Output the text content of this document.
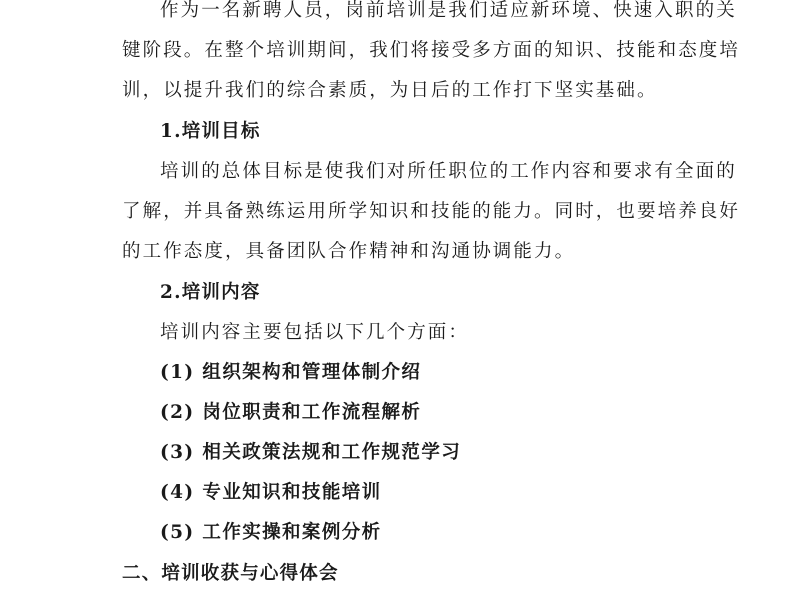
作为一名新聘人员，岗前培训是我们适应新环境、快速入职的关
键阶段。在整个培训期间，我们将接受多方面的知识、技能和态度培
训，以提升我们的综合素质，为日后的工作打下坚实基础。
1.培训目标
培训的总体目标是使我们对所任职位的工作内容和要求有全面的
了解，并具备熟练运用所学知识和技能的能力。同时，也要培养良好
的工作态度，具备团队合作精神和沟通协调能力。
2.培训内容
培训内容主要包括以下几个方面：
(1) 组织架构和管理体制介绍
(2) 岗位职责和工作流程解析
(3) 相关政策法规和工作规范学习
(4) 专业知识和技能培训
(5) 工作实操和案例分析
二、培训收获与心得体会
